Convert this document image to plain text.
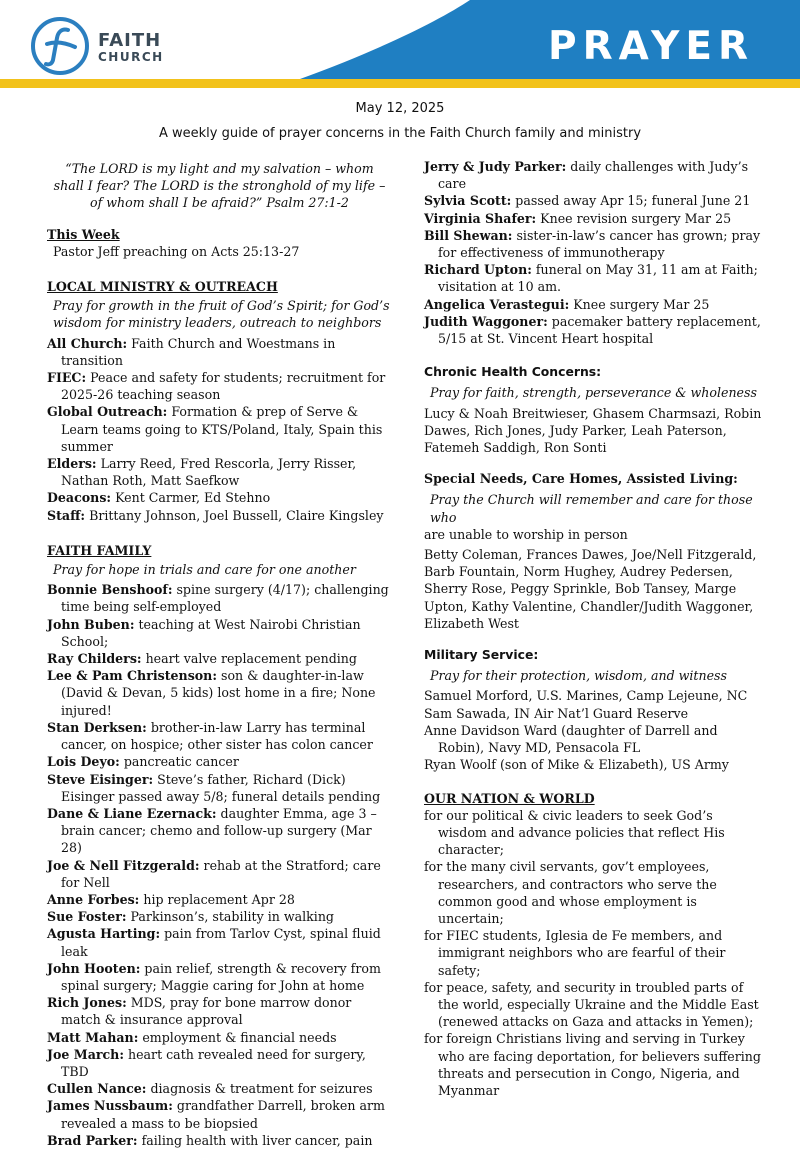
FAITH
CHURCH	PRAYER
May 12, 2025
A weekly guide of prayer concerns in the Faith Church family and ministry
“The LORD is my light and my salvation – whom shall I fear? The LORD is the stronghold of my life – of whom shall I be afraid?” Psalm 27:1-2
This Week
Pastor Jeff preaching on Acts 25:13-27
LOCAL MINISTRY & OUTREACH
Pray for growth in the fruit of God’s Spirit; for God’s wisdom for ministry leaders, outreach to neighbors
All Church: Faith Church and Woestmans in transition
FIEC: Peace and safety for students; recruitment for 2025-26 teaching season
Global Outreach: Formation & prep of Serve & Learn teams going to KTS/Poland, Italy, Spain this summer
Elders: Larry Reed, Fred Rescorla, Jerry Risser, Nathan Roth, Matt Saefkow
Deacons: Kent Carmer, Ed Stehno
Staff: Brittany Johnson, Joel Bussell, Claire Kingsley
FAITH FAMILY
Pray for hope in trials and care for one another
Bonnie Benshoof: spine surgery (4/17); challenging time being self-employed
John Buben: teaching at West Nairobi Christian School;
Ray Childers: heart valve replacement pending
Lee & Pam Christenson: son & daughter-in-law (David & Devan, 5 kids) lost home in a fire; None injured!
Stan Derksen: brother-in-law Larry has terminal cancer, on hospice; other sister has colon cancer
Lois Deyo: pancreatic cancer
Steve Eisinger: Steve’s father, Richard (Dick) Eisinger passed away 5/8; funeral details pending
Dane & Liane Ezernack: daughter Emma, age 3 – brain cancer; chemo and follow-up surgery (Mar 28)
Joe & Nell Fitzgerald: rehab at the Stratford; care for Nell
Anne Forbes: hip replacement Apr 28
Sue Foster: Parkinson’s, stability in walking
Agusta Harting: pain from Tarlov Cyst, spinal fluid leak
John Hooten: pain relief, strength & recovery from spinal surgery; Maggie caring for John at home
Rich Jones: MDS, pray for bone marrow donor match & insurance approval
Matt Mahan: employment & financial needs
Joe March: heart cath revealed need for surgery, TBD
Cullen Nance: diagnosis & treatment for seizures
James Nussbaum: grandfather Darrell, broken arm revealed a mass to be biopsied
Brad Parker: failing health with liver cancer, pain
Jerry & Judy Parker: daily challenges with Judy’s care
Sylvia Scott: passed away Apr 15; funeral June 21
Virginia Shafer: Knee revision surgery Mar 25
Bill Shewan: sister-in-law’s cancer has grown; pray for effectiveness of immunotherapy
Richard Upton: funeral on May 31, 11 am at Faith; visitation at 10 am.
Angelica Verastegui: Knee surgery Mar 25
Judith Waggoner: pacemaker battery replacement, 5/15 at St. Vincent Heart hospital
Chronic Health Concerns:
Pray for faith, strength, perseverance & wholeness
Lucy & Noah Breitwieser, Ghasem Charmsazi, Robin Dawes, Rich Jones, Judy Parker, Leah Paterson, Fatemeh Saddigh, Ron Sonti
Special Needs, Care Homes, Assisted Living:
Pray the Church will remember and care for those who
are unable to worship in person
Betty Coleman, Frances Dawes, Joe/Nell Fitzgerald, Barb Fountain, Norm Hughey, Audrey Pedersen, Sherry Rose, Peggy Sprinkle, Bob Tansey, Marge Upton, Kathy Valentine, Chandler/Judith Waggoner, Elizabeth West
Military Service:
Pray for their protection, wisdom, and witness
Samuel Morford, U.S. Marines, Camp Lejeune, NC
Sam Sawada, IN Air Nat’l Guard Reserve
Anne Davidson Ward (daughter of Darrell and Robin), Navy MD, Pensacola FL
Ryan Woolf (son of Mike & Elizabeth), US Army
OUR NATION & WORLD
for our political & civic leaders to seek God’s wisdom and advance policies that reflect His character;
for the many civil servants, gov’t employees, researchers, and contractors who serve the common good and whose employment is uncertain;
for FIEC students, Iglesia de Fe members, and immigrant neighbors who are fearful of their safety;
for peace, safety, and security in troubled parts of the world, especially Ukraine and the Middle East (renewed attacks on Gaza and attacks in Yemen);
for foreign Christians living and serving in Turkey who are facing deportation, for believers suffering threats and persecution in Congo, Nigeria, and Myanmar
